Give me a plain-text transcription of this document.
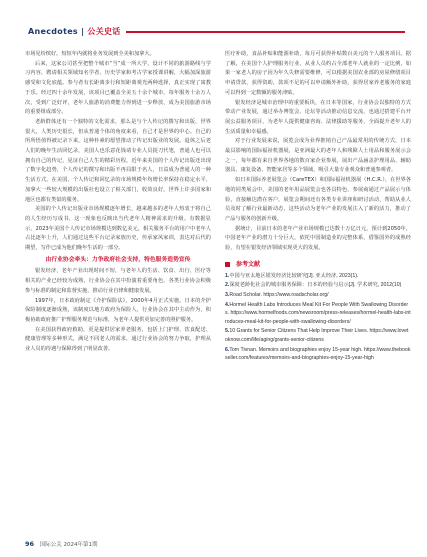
Anecdotes | 公关史话

市场见纷缤好。短短年内就将业务发展到全美和加拿大。

后来，这家公司甚至把整个城市“当”成一所大学，设计不同的旅游路线与学习内容，聘请相关领域知名学者、历史学家和考古学家授课讲解，大幅加深旅游感受和文化底蕴。参与者有长距离步行和短距离观光两种选择，真正实现了寓教于乐。经过四十余年发展，该项目已覆盖全美五十余个城市，每年服务十余万人次，受到广泛好评，老年人旅游的消费能力得到进一步释放，成为美国旅游市场的重要组成部分。

老龄群体还有一个独特的文化需求，那么是与个人传记的撰写和出版，世界很大，人类历史很长，但从普通个体的角度来看，自己才是世界的中心。自己的所所悟值得被记录下来，这种朴素的愿望推动了传记出版业的发展。退休之后老人们的晚年生活回忆录，美国人也乐意花钱请专业人员捉刀代笔，普通人也可以拥有自己的传记，见证自己人生的精彩历程。近年来美国的个人传记出版还出现了数字化趋势，个人传记的撰写和出版不再局限于名人，日益成为普通人的一种生活方式。在美国，个人传记和回忆录的市场规模年均增长率保持在稳定水平，加拿大一些较大规模的出版社也设立了相关部门，收效良好。世界上许多国家和地区也都有类似的服务。

美国的个人传记出版业市场规模逐年增长，越来越多的老年人热衷于将自己的人生经历写成书，这一现象也反映出当代老年人精神需求的升级。有数据显示，2023年美国个人传记市场规模达到数亿美元，相关服务平台的用户中老年人占比逐年上升，人们通过这些平台记录家族历史，传承家风家训，表达对后代的期望，写作已成为他们晚年生活的一部分。

由行业协会牵头：力争政府社会支持，特色服务造势宣传

银发经济，老年产业出现时间不短，与老年人的生活、饮食、出行、医疗等相关的产业已经较为成熟，行业协会在其中扮演着重要角色，各类行业协会积极参与标准的制定和监督实施，推动行业自律和健康发展。

1997年，日本政府制定《介护保险法》，2000年4月正式实施。日本的介护保险制度逐渐成熟，该制度以地方政府为保险人，行业协会在其中主动作为，积极协助政府推广护理服务规范与标准，为老年人提供更加完善的照护服务。

在美国获得政府救助，更是提供居家养老服务，包括上门护理、饮食配送、健康管理等多种形式，满足不同老人的需求，通过行业协会的努力争取，护理从业人员的待遇与保障得到了明显改善。

医疗补助，食品补贴和能源补助，每月可获得补贴数百美元的个人服务项目。据了解，在美国个人护理服务行业，从业人员约占全部老年人就业的一定比例，如果一家老人的房子因为年久失修需要维修，可以根据美国农业部的房屋修缮项目申请贷款，获得资助，款项不足的可以申请额外补助，获得居家养老服务的家庭可以得到一定数额的服务津贴。

银发经济是城市治理中的重要板块，在日本等国家，行业协会以独特的方式带动产业发展，通过举办博览会、论坛等活动推动信息交流，也通过搭建平台开展公益服务项目，为老年人提供健康咨询、法律援助等服务，全面提升老年人的生活质量和幸福感。

对于行业发展来说，展览会成为业界推销自己产品最常用的传统方式，日本最具影响的国际福祉机器展，是亚洲最大的老年人和残障人士用品和服务展示会之一，每年都有来自世界各地的数百家企业参展，展出产品涵盖护理用品、辅助器具、康复设备、智能家居等多个领域，吸引大量专业观众和普通参观者。

如日本国际养老展览会（CareTEX）和国际福祉机器展（H.C.R.），在世界各地的同类展会中，美国的老年用品展览会也各具特色，参展商通过产品展示与体验，直接触达潜在客户，展览会期间还有各类专业讲座和研讨活动，帮助从业人员及时了解行业最新动态，这些活动为老年产业的发展注入了新的活力，推动了产品与服务的创新升级。

据统计，目前日本的老年产业市场规模已达数十万亿日元，预计到2050年，中国老年产业的潜力十分巨大，依托中国制造业的完整体系，借鉴国外的成熟经验，有望在银发经济领域实现更大的发展。

参考文献

1.中国与亚太地区银发经济比较研究[J]. 亚太经济, 2023(1).

2.深度老龄化社会的城市服务保障：日本的经验与启示[J]. 学术研究, 2012(10)

3.Road Scholar. https://www.roadscholar.org/

4.Hormel Health Labs Introduces Meal Kit For People With Swallowing Disorders. https://www.hormelfoods.com/newsroom/press-releases/hormel-health-labs-introduces-meal-kit-for-people-with-swallowing-disorders/

5.10 Grants for Senior Citizens That Help Improve Their Lives. https://www.lovetoknow.com/life/aging/grants-senior-citizens

6.Tom Tivnan. Memoirs and biographies enjoy 15-year high. https://www.thebookseller.com/features/memoirs-and-biographies-enjoy-15-year-high

96 国际公关 2024年第1期
